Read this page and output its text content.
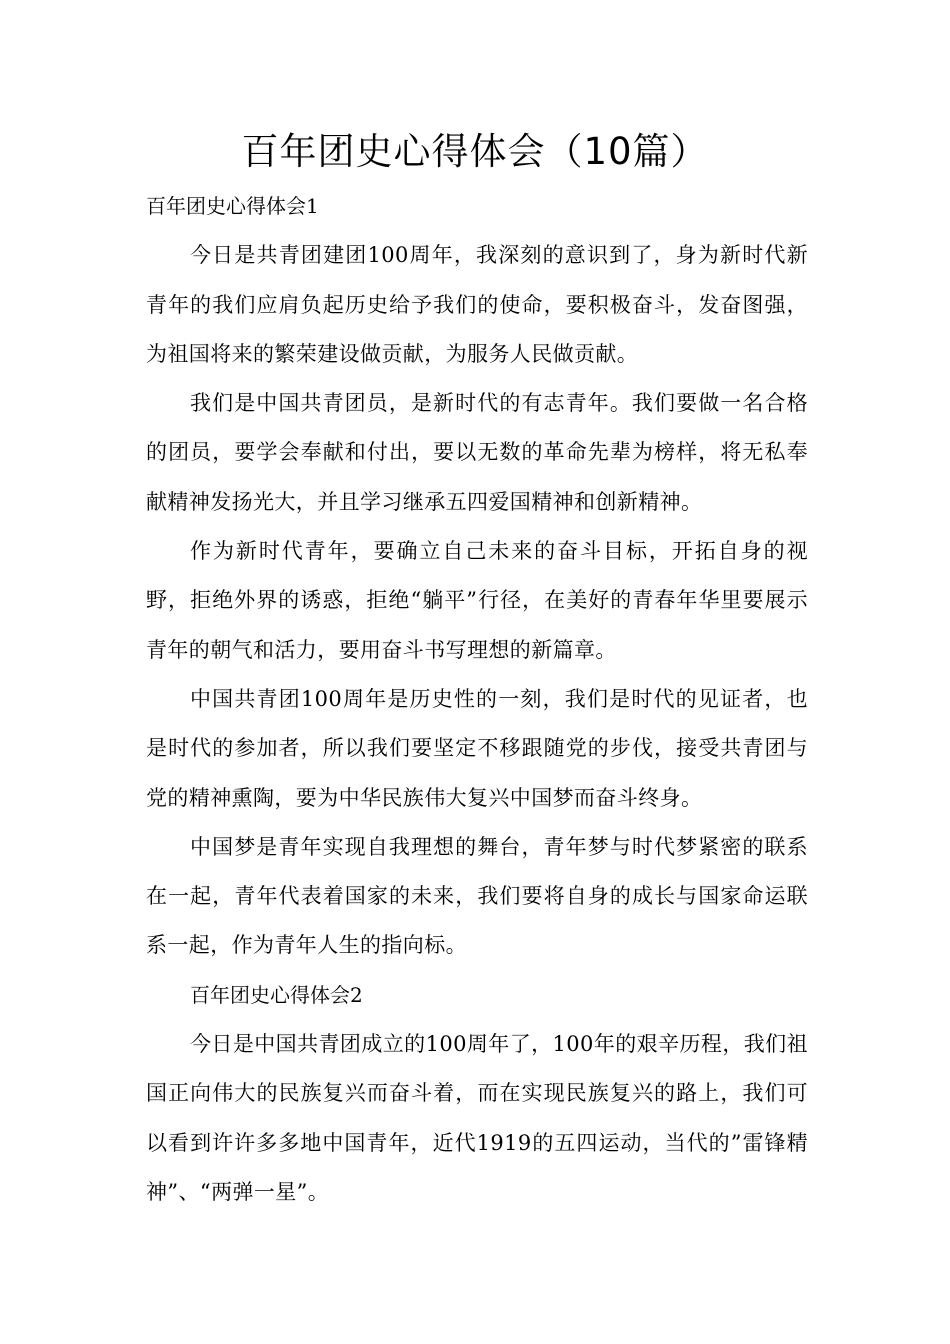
百年团史心得体会（10篇）

百年团史心得体会1

今日是共青团建团100周年，我深刻的意识到了，身为新时代新青年的我们应肩负起历史给予我们的使命，要积极奋斗，发奋图强，为祖国将来的繁荣建设做贡献，为服务人民做贡献。

我们是中国共青团员，是新时代的有志青年。我们要做一名合格的团员，要学会奉献和付出，要以无数的革命先辈为榜样，将无私奉献精神发扬光大，并且学习继承五四爱国精神和创新精神。

作为新时代青年，要确立自己未来的奋斗目标，开拓自身的视野，拒绝外界的诱惑，拒绝“躺平”行径，在美好的青春年华里要展示青年的朝气和活力，要用奋斗书写理想的新篇章。

中国共青团100周年是历史性的一刻，我们是时代的见证者，也是时代的参加者，所以我们要坚定不移跟随党的步伐，接受共青团与党的精神熏陶，要为中华民族伟大复兴中国梦而奋斗终身。

中国梦是青年实现自我理想的舞台，青年梦与时代梦紧密的联系在一起，青年代表着国家的未来，我们要将自身的成长与国家命运联系一起，作为青年人生的指向标。

百年团史心得体会2

今日是中国共青团成立的100周年了，100年的艰辛历程，我们祖国正向伟大的民族复兴而奋斗着，而在实现民族复兴的路上，我们可以看到许许多多地中国青年，近代1919的五四运动，当代的”雷锋精神”、“两弹一星”。
